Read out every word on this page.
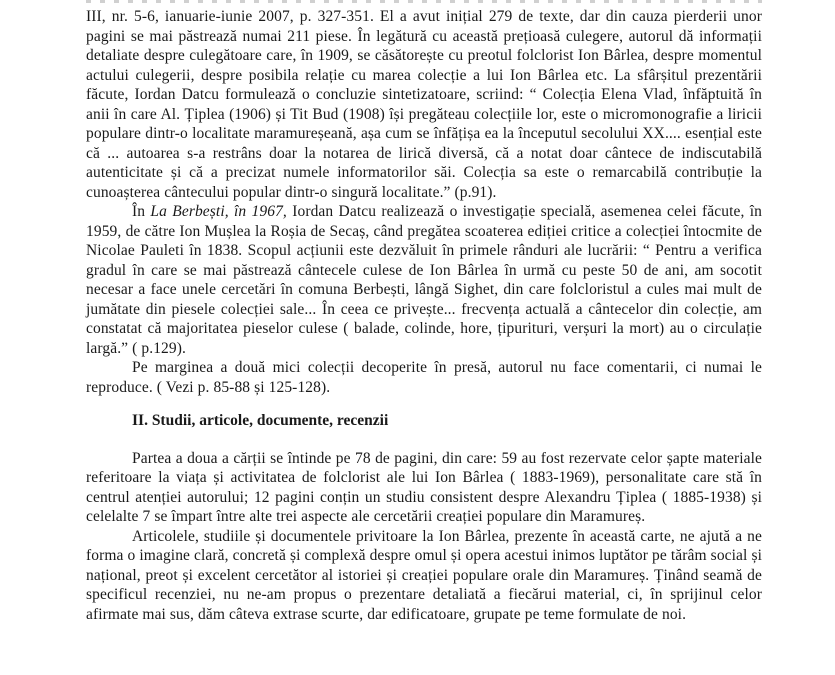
III, nr. 5-6, ianuarie-iunie 2007, p. 327-351. El a avut inițial 279 de texte, dar din cauza pierderii unor pagini se mai păstrează numai 211 piese. În legătură cu această prețioasă culegere, autorul dă informații detaliate despre culegătoare care, în 1909, se căsătorește cu preotul folclorist Ion Bârlea, despre momentul actului culegerii, despre posibila relație cu marea colecție a lui Ion Bârlea etc. La sfârșitul prezentării făcute, Iordan Datcu formulează o concluzie sintetizatoare, scriind: “ Colecția Elena Vlad, înfăptuită în anii în care Al. Țiplea (1906) și Tit Bud (1908) își pregăteau colecțiile lor, este o micromonografie a liricii populare dintr-o localitate maramureșeană, așa cum se înfățișa ea la începutul secolului XX.... esențial este că ... autoarea s-a restrâns doar la notarea de lirică diversă, că a notat doar cântece de indiscutabilă autenticitate și că a precizat numele informatorilor săi. Colecția sa este o remarcabilă contribuție la cunoașterea cântecului popular dintr-o singură localitate.” (p.91).

În La Berbești, în 1967, Iordan Datcu realizează o investigație specială, asemenea celei făcute, în 1959, de către Ion Mușlea la Roșia de Secaș, când pregătea scoaterea ediției critice a colecției întocmite de Nicolae Pauleti în 1838. Scopul acțiunii este dezvăluit în primele rânduri ale lucrării: “ Pentru a verifica gradul în care se mai păstrează cântecele culese de Ion Bârlea în urmă cu peste 50 de ani, am socotit necesar a face unele cercetări în comuna Berbești, lângă Sighet, din care folcloristul a cules mai mult de jumătate din piesele colecției sale... În ceea ce privește... frecvența actuală a cântecelor din colecție, am constatat că majoritatea pieselor culese ( balade, colinde, hore, țipurituri, verșuri la mort) au o circulație largă.” ( p.129).

Pe marginea a două mici colecții decoperite în presă, autorul nu face comentarii, ci numai le reproduce. ( Vezi p. 85-88 și 125-128).

II. Studii, articole, documente, recenzii

Partea a doua a cărții se întinde pe 78 de pagini, din care: 59 au fost rezervate celor șapte materiale referitoare la viața și activitatea de folclorist ale lui Ion Bârlea ( 1883-1969), personalitate care stă în centrul atenției autorului; 12 pagini conțin un studiu consistent despre Alexandru Țiplea ( 1885-1938) și celelalte 7 se împart între alte trei aspecte ale cercetării creației populare din Maramureș.

Articolele, studiile și documentele privitoare la Ion Bârlea, prezente în această carte, ne ajută a ne forma o imagine clară, concretă și complexă despre omul și opera acestui inimos luptător pe tărâm social și național, preot și excelent cercetător al istoriei și creației populare orale din Maramureș. Ținând seamă de specificul recenziei, nu ne-am propus o prezentare detaliată a fiecărui material, ci, în sprijinul celor afirmate mai sus, dăm câteva extrase scurte, dar edificatoare, grupate pe teme formulate de noi.
